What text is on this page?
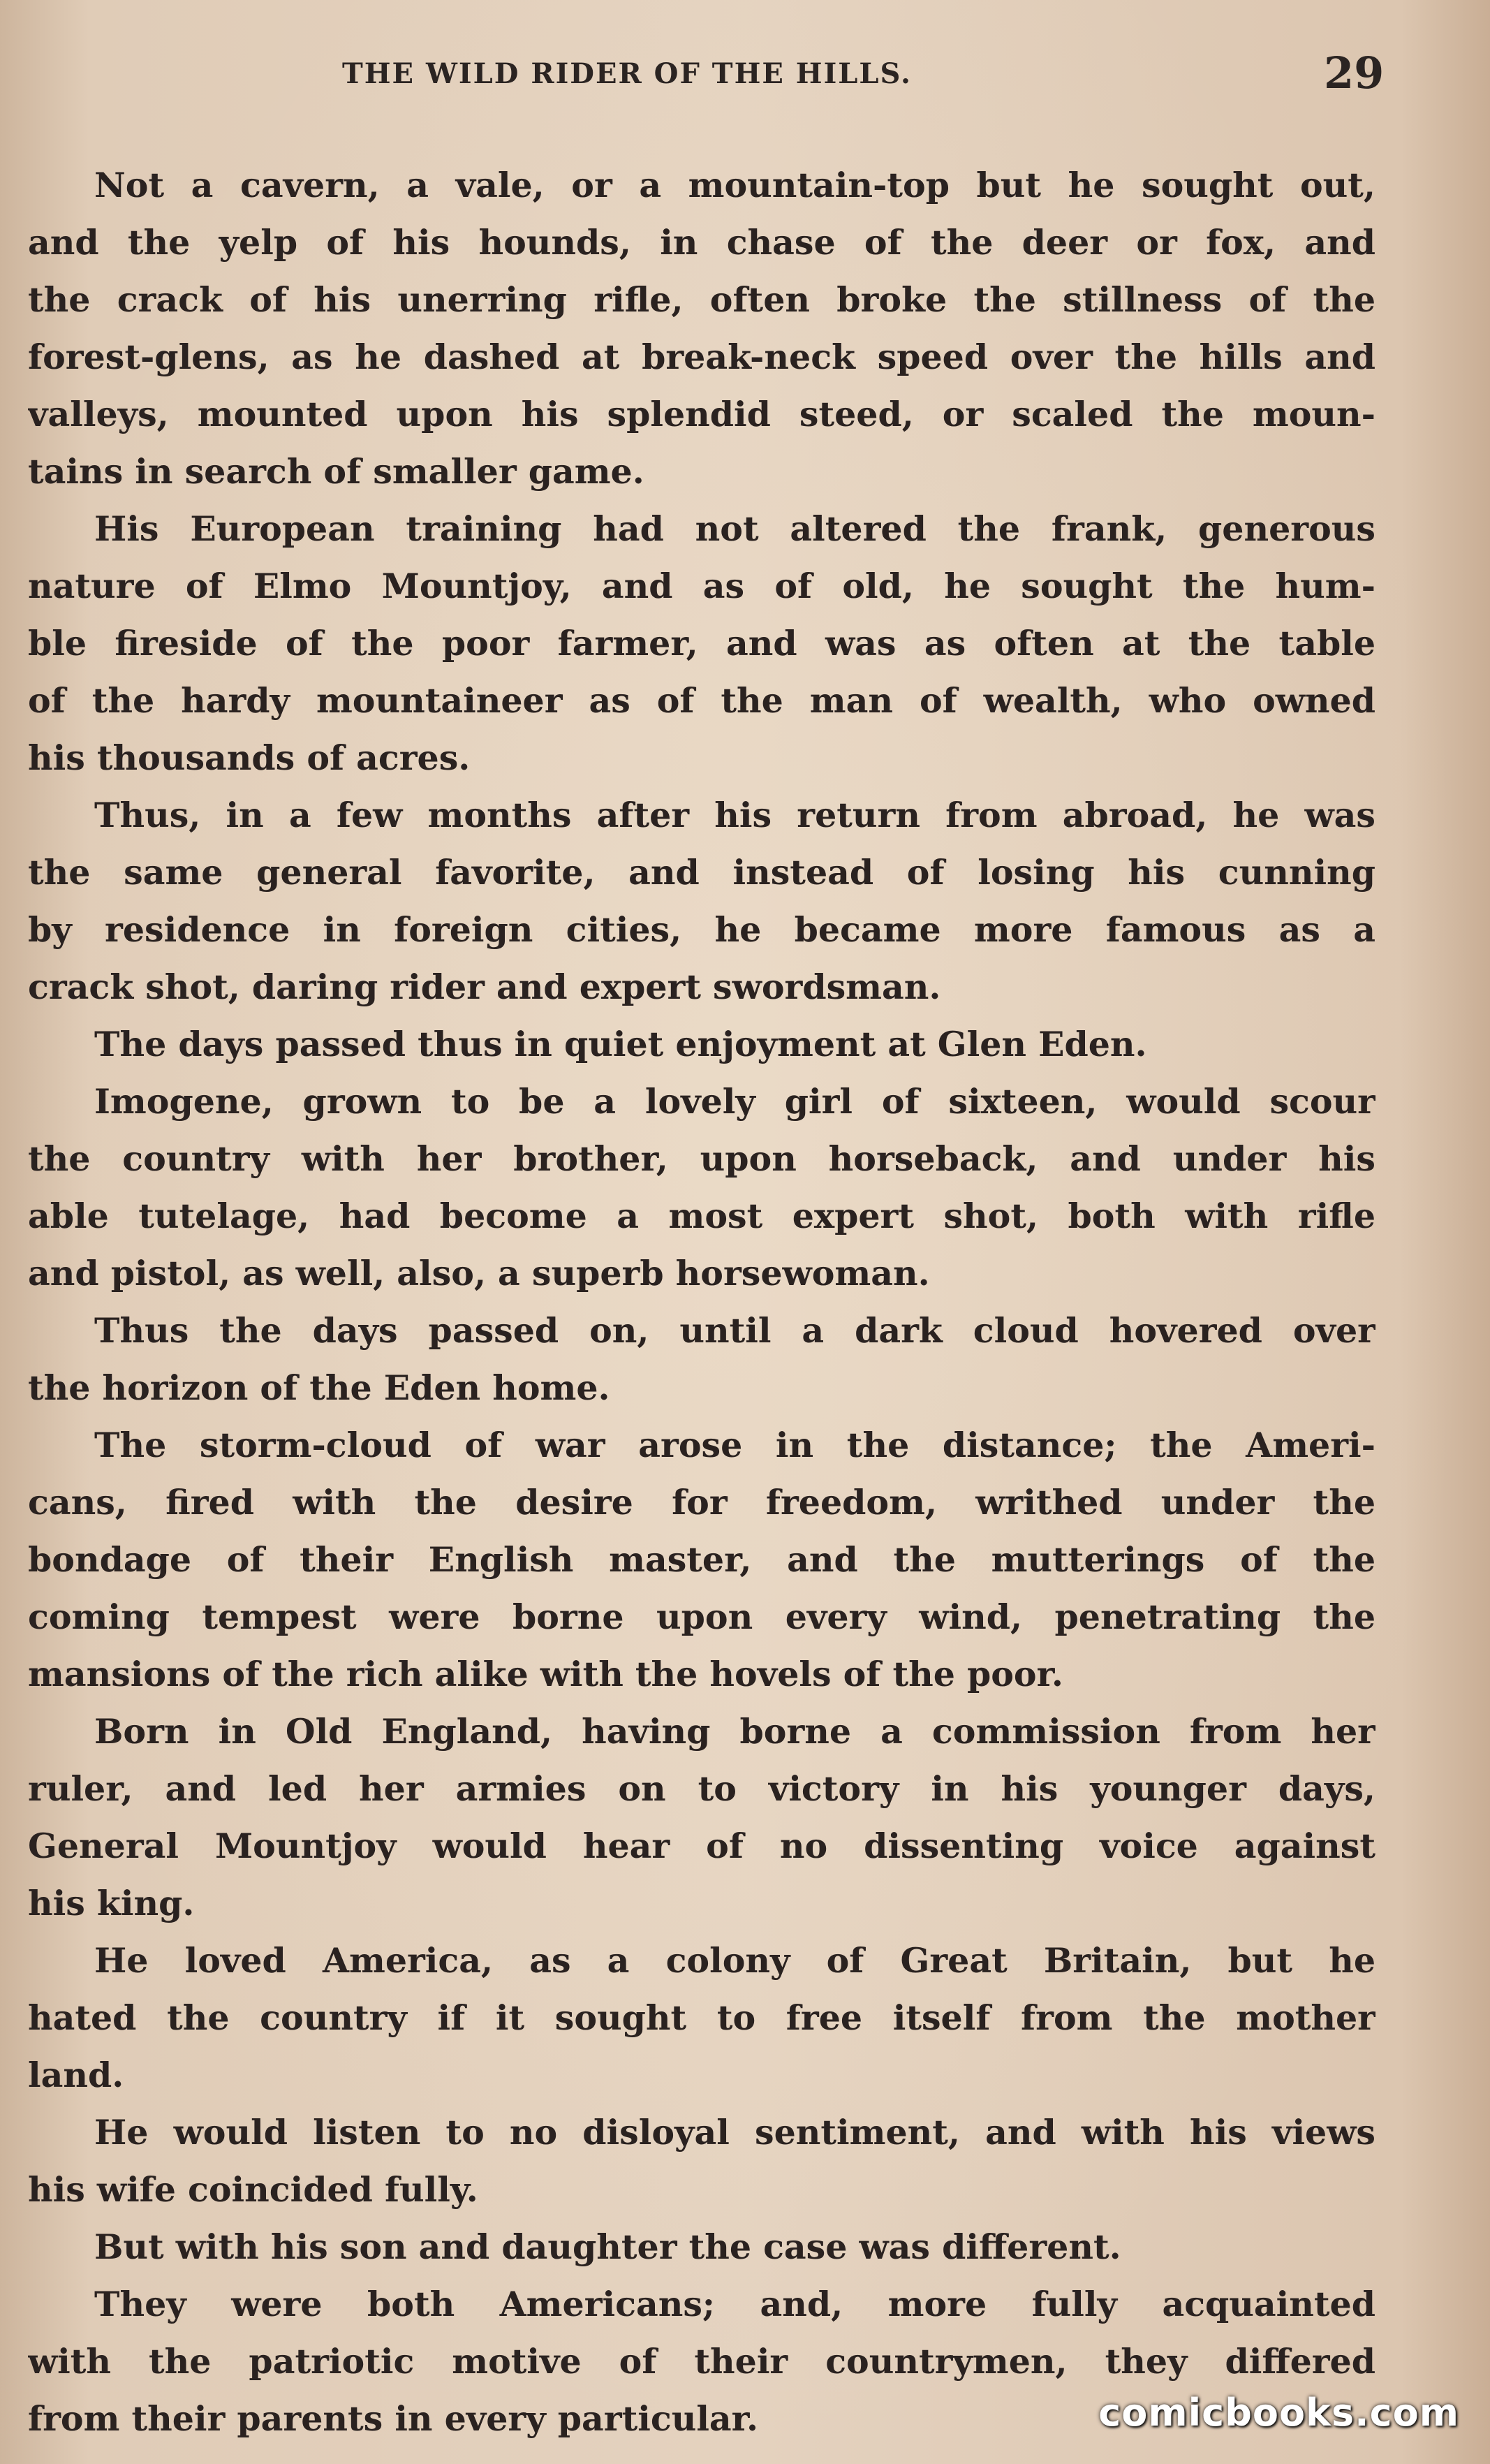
THE WILD RIDER OF THE HILLS.	29
Not a cavern, a vale, or a mountain-top but he sought out,
and the yelp of his hounds, in chase of the deer or fox, and
the crack of his unerring rifle, often broke the stillness of the
forest-glens, as he dashed at break-neck speed over the hills and
valleys, mounted upon his splendid steed, or scaled the moun-
tains in search of smaller game.
His European training had not altered the frank, generous
nature of Elmo Mountjoy, and as of old, he sought the hum-
ble fireside of the poor farmer, and was as often at the table
of the hardy mountaineer as of the man of wealth, who owned
his thousands of acres.
Thus, in a few months after his return from abroad, he was
the same general favorite, and instead of losing his cunning
by residence in foreign cities, he became more famous as a
crack shot, daring rider and expert swordsman.
The days passed thus in quiet enjoyment at Glen Eden.
Imogene, grown to be a lovely girl of sixteen, would scour
the country with her brother, upon horseback, and under his
able tutelage, had become a most expert shot, both with rifle
and pistol, as well, also, a superb horsewoman.
Thus the days passed on, until a dark cloud hovered over
the horizon of the Eden home.
The storm-cloud of war arose in the distance; the Ameri-
cans, fired with the desire for freedom, writhed under the
bondage of their English master, and the mutterings of the
coming tempest were borne upon every wind, penetrating the
mansions of the rich alike with the hovels of the poor.
Born in Old England, having borne a commission from her
ruler, and led her armies on to victory in his younger days,
General Mountjoy would hear of no dissenting voice against
his king.
He loved America, as a colony of Great Britain, but he
hated the country if it sought to free itself from the mother
land.
He would listen to no disloyal sentiment, and with his views
his wife coincided fully.
But with his son and daughter the case was different.
They were both Americans; and, more fully acquainted
with the patriotic motive of their countrymen, they differed
from their parents in every particular.	comicbooks.com
